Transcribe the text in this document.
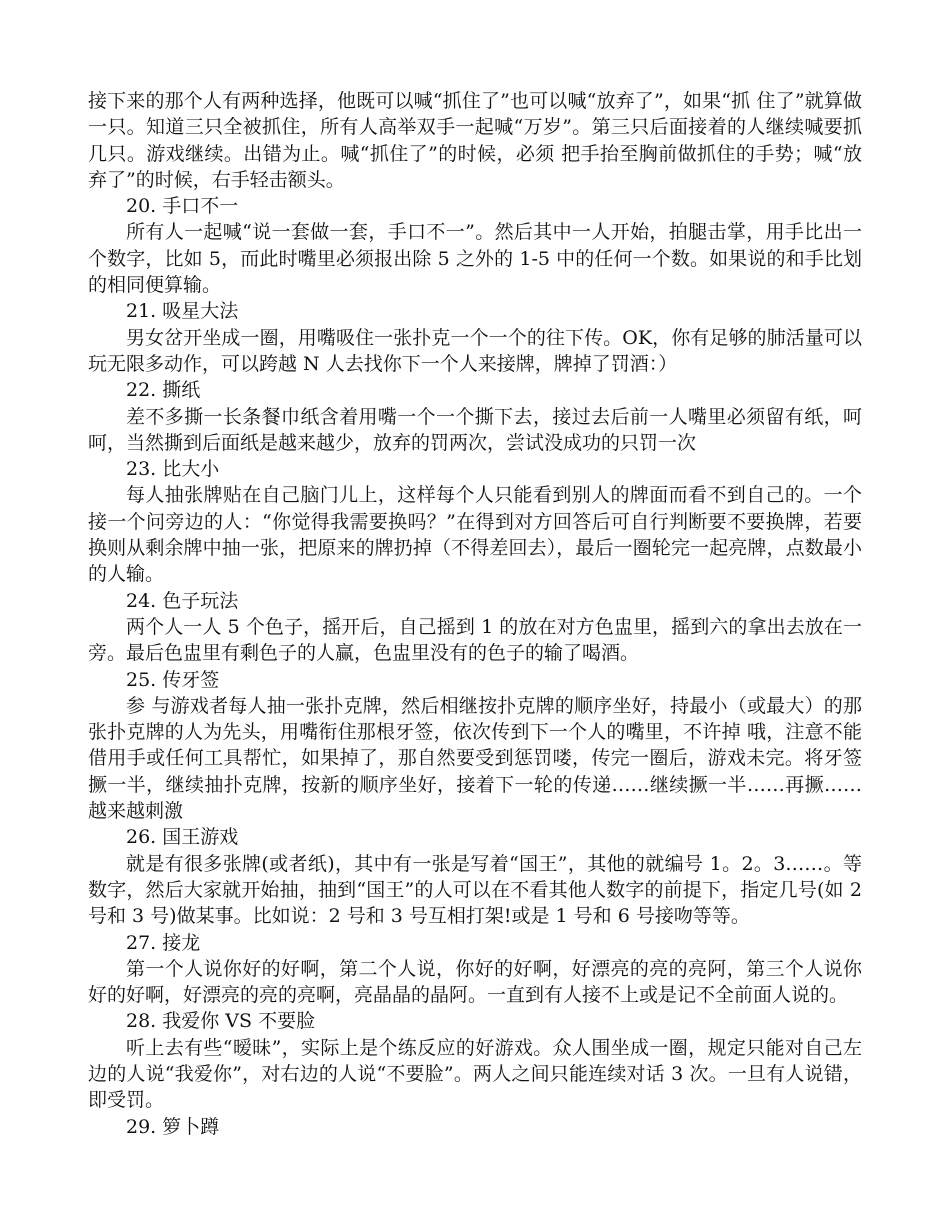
接下来的那个人有两种选择，他既可以喊“抓住了”也可以喊“放弃了”，如果“抓 住了”就算做一只。知道三只全被抓住，所有人高举双手一起喊“万岁”。第三只后面接着的人继续喊要抓几只。游戏继续。出错为止。喊“抓住了”的时候，必须 把手抬至胸前做抓住的手势；喊“放弃了”的时候，右手轻击额头。

20. 手口不一

所有人一起喊“说一套做一套，手口不一”。然后其中一人开始，拍腿击掌，用手比出一个数字，比如 5，而此时嘴里必须报出除 5 之外的 1-5 中的任何一个数。如果说的和手比划的相同便算输。

21. 吸星大法

男女岔开坐成一圈，用嘴吸住一张扑克一个一个的往下传。OK，你有足够的肺活量可以玩无限多动作，可以跨越 N 人去找你下一个人来接牌，牌掉了罚酒：）

22. 撕纸

差不多撕一长条餐巾纸含着用嘴一个一个撕下去，接过去后前一人嘴里必须留有纸，呵呵，当然撕到后面纸是越来越少，放弃的罚两次，尝试没成功的只罚一次

23. 比大小

每人抽张牌贴在自己脑门儿上，这样每个人只能看到别人的牌面而看不到自己的。一个接一个问旁边的人：“你觉得我需要换吗？”在得到对方回答后可自行判断要不要换牌，若要换则从剩余牌中抽一张，把原来的牌扔掉（不得差回去），最后一圈轮完一起亮牌，点数最小的人输。

24. 色子玩法

两个人一人 5 个色子，摇开后，自己摇到 1 的放在对方色盅里，摇到六的拿出去放在一旁。最后色盅里有剩色子的人赢，色盅里没有的色子的输了喝酒。

25. 传牙签

参 与游戏者每人抽一张扑克牌，然后相继按扑克牌的顺序坐好，持最小（或最大）的那张扑克牌的人为先头，用嘴衔住那根牙签，依次传到下一个人的嘴里，不许掉 哦，注意不能借用手或任何工具帮忙，如果掉了，那自然要受到惩罚喽，传完一圈后，游戏未完。将牙签撅一半，继续抽扑克牌，按新的顺序坐好，接着下一轮的传递……继续撅一半……再撅……越来越刺激

26. 国王游戏

就是有很多张牌(或者纸)，其中有一张是写着“国王”，其他的就编号 1。2。3……。等数字，然后大家就开始抽，抽到“国王”的人可以在不看其他人数字的前提下，指定几号(如 2 号和 3 号)做某事。比如说：2 号和 3 号互相打架!或是 1 号和 6 号接吻等等。

27. 接龙

第一个人说你好的好啊，第二个人说，你好的好啊，好漂亮的亮的亮阿，第三个人说你好的好啊，好漂亮的亮的亮啊，亮晶晶的晶阿。一直到有人接不上或是记不全前面人说的。

28. 我爱你 VS 不要脸

听上去有些“暧昧”，实际上是个练反应的好游戏。众人围坐成一圈，规定只能对自己左边的人说“我爱你”，对右边的人说“不要脸”。两人之间只能连续对话 3 次。一旦有人说错，即受罚。

29. 箩卜蹲
